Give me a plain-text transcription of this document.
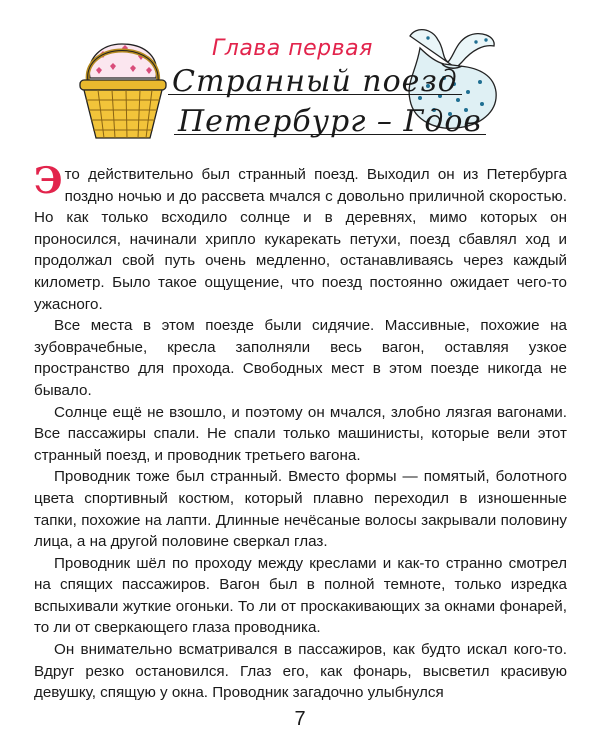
Глава первая
Странный поезд
Петербург – Гдов

Это действительно был странный поезд. Выходил он из Петербурга поздно ночью и до рассвета мчался с довольно приличной скоростью. Но как только всходило солнце и в деревнях, мимо которых он проносился, начинали хрипло кукарекать петухи, поезд сбавлял ход и продолжал свой путь очень медленно, останавливаясь через каждый километр. Было такое ощущение, что поезд постоянно ожидает чего-то ужасного.

Все места в этом поезде были сидячие. Массивные, похожие на зубоврачебные, кресла заполняли весь вагон, оставляя узкое пространство для прохода. Свободных мест в этом поезде никогда не бывало.

Солнце ещё не взошло, и поэтому он мчался, злобно лязгая вагонами. Все пассажиры спали. Не спали только машинисты, которые вели этот странный поезд, и проводник третьего вагона.

Проводник тоже был странный. Вместо формы — помятый, болотного цвета спортивный костюм, который плавно переходил в изношенные тапки, похожие на лапти. Длинные нечёсаные волосы закрывали половину лица, а на другой половине сверкал глаз.

Проводник шёл по проходу между креслами и как-то странно смотрел на спящих пассажиров. Вагон был в полной темноте, только изредка вспыхивали жуткие огоньки. То ли от проскакивающих за окнами фонарей, то ли от сверкающего глаза проводника.

Он внимательно всматривался в пассажиров, как будто искал кого-то. Вдруг резко остановился. Глаз его, как фонарь, высветил красивую девушку, спящую у окна. Проводник загадочно улыбнулся

7
